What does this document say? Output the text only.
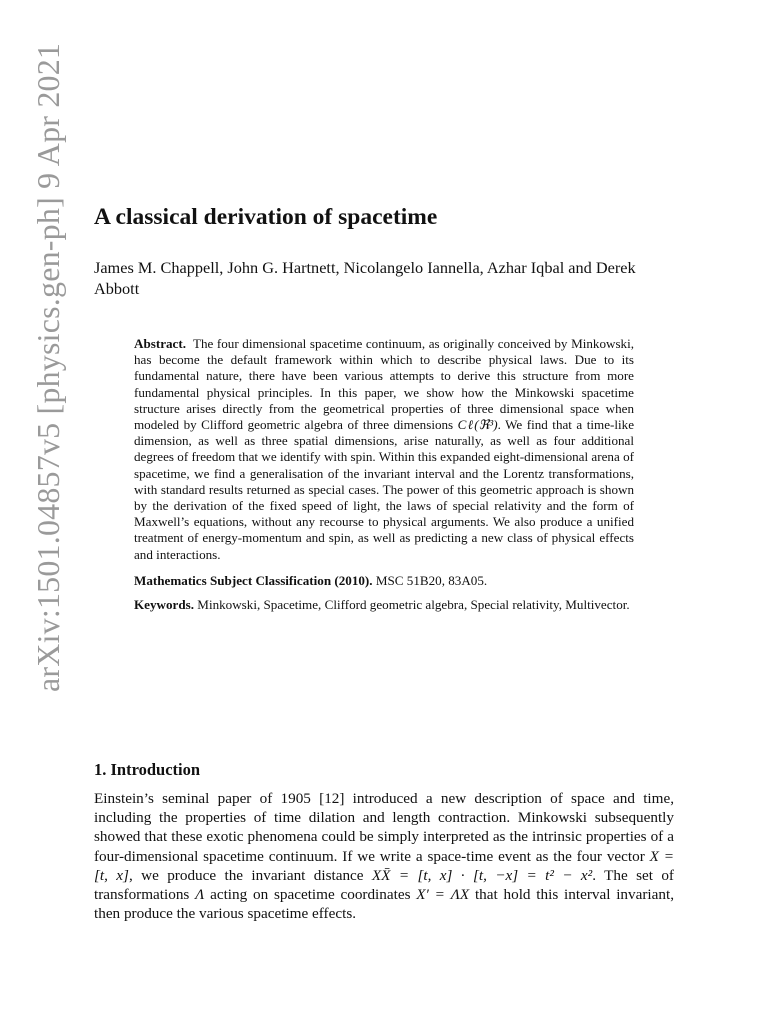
arXiv:1501.04857v5 [physics.gen-ph] 9 Apr 2021 A classical derivation of spacetime

James M. Chappell, John G. Hartnett, Nicolangelo Iannella, Azhar Iqbal and Derek Abbott

Abstract. The four dimensional spacetime continuum, as originally conceived by Minkowski, has become the default framework within which to describe physical laws. Due to its fundamental nature, there have been various attempts to derive this structure from more fundamental physical principles. In this paper, we show how the Minkowski spacetime structure arises directly from the geometrical properties of three dimensional space when modeled by Clifford geometric algebra of three dimensions Cℓ(ℜ³). We find that a time-like dimension, as well as three spatial dimensions, arise naturally, as well as four additional degrees of freedom that we identify with spin. Within this expanded eight-dimensional arena of spacetime, we find a generalisation of the invariant interval and the Lorentz transformations, with standard results returned as special cases. The power of this geometric approach is shown by the derivation of the fixed speed of light, the laws of special relativity and the form of Maxwell’s equations, without any recourse to physical arguments. We also produce a unified treatment of energy-momentum and spin, as well as predicting a new class of physical effects and interactions.

Mathematics Subject Classification (2010). MSC 51B20, 83A05.

Keywords. Minkowski, Spacetime, Clifford geometric algebra, Special relativity, Multivector.

1. Introduction

Einstein’s seminal paper of 1905 [12] introduced a new description of space and time, including the properties of time dilation and length contraction. Minkowski subsequently showed that these exotic phenomena could be simply interpreted as the intrinsic properties of a four-dimensional spacetime continuum. If we write a space-time event as the four vector X = [t, x], we produce the invariant distance XX̄ = [t, x] · [t, −x] = t² − x². The set of transformations Λ acting on spacetime coordinates X′ = ΛX that hold this interval invariant, then produce the various spacetime effects.
